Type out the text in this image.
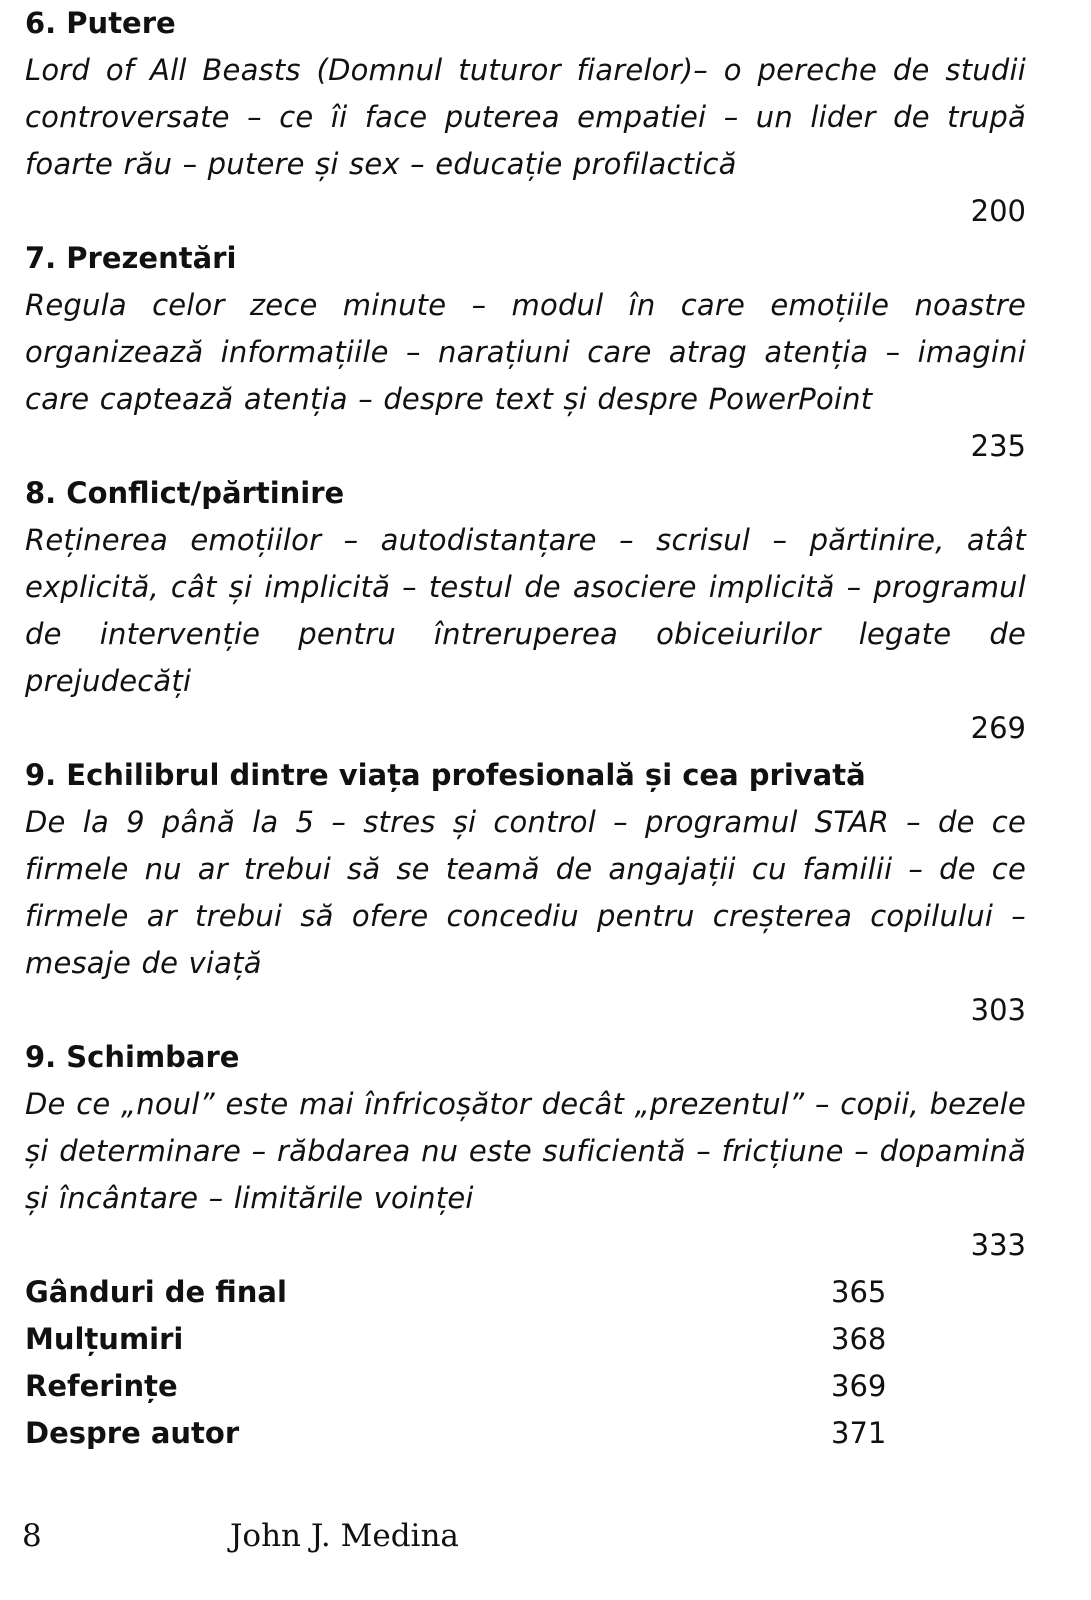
6. Putere

Lord of All Beasts (Domnul tuturor fiarelor)– o pereche de studii controversate – ce îi face puterea empatiei – un lider de trupă foarte rău – putere și sex – educație profilactică

200

7. Prezentări

Regula celor zece minute – modul în care emoțiile noastre organizează informațiile – narațiuni care atrag atenția – imagini care captează atenția – despre text și despre PowerPoint

235

8. Conflict/părtinire

Reținerea emoțiilor – autodistanțare – scrisul – părtinire, atât explicită, cât și implicită – testul de asociere implicită – programul de intervenție pentru întreruperea obiceiurilor legate de prejudecăți

269

9. Echilibrul dintre viața profesională și cea privată

De la 9 până la 5 – stres și control – programul STAR – de ce firmele nu ar trebui să se teamă de angajații cu familii – de ce firmele ar trebui să ofere concediu pentru creșterea copilului – mesaje de viață

303

9. Schimbare

De ce „noul” este mai înfricoșător decât „prezentul” – copii, bezele și determinare – răbdarea nu este suficientă – fricțiune – dopamină și încântare – limitările voinței

333

Gânduri de final	365
Mulțumiri	368
Referințe	369
Despre autor	371
8	John J. Medina
